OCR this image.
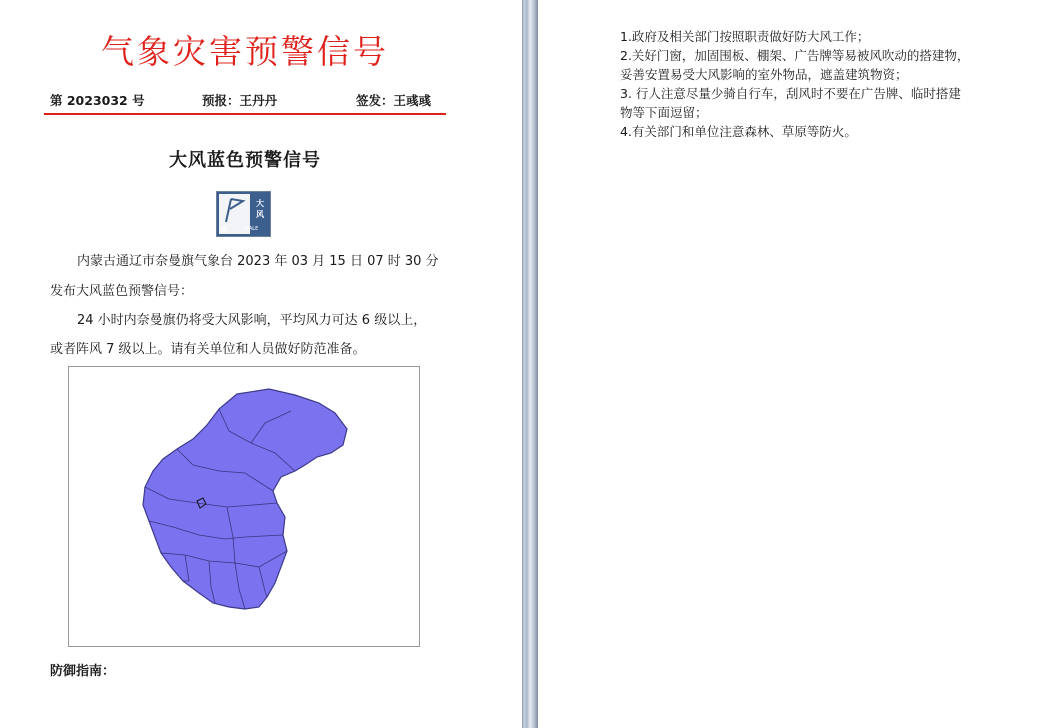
气象灾害预警信号
第 2023032 号	预报：王丹丹	签发：王彧彧
大风蓝色预警信号
大
风
蓝	GALE
内蒙古通辽市奈曼旗气象台 2023 年 03 月 15 日 07 时 30 分
发布大风蓝色预警信号：
24 小时内奈曼旗仍将受大风影响，平均风力可达 6 级以上，
或者阵风 7 级以上。请有关单位和人员做好防范准备。
防御指南：
1.政府及相关部门按照职责做好防大风工作；
2.关好门窗，加固围板、棚架、广告牌等易被风吹动的搭建物，
妥善安置易受大风影响的室外物品，遮盖建筑物资；
3. 行人注意尽量少骑自行车，刮风时不要在广告牌、临时搭建
物等下面逗留；
4.有关部门和单位注意森林、草原等防火。
